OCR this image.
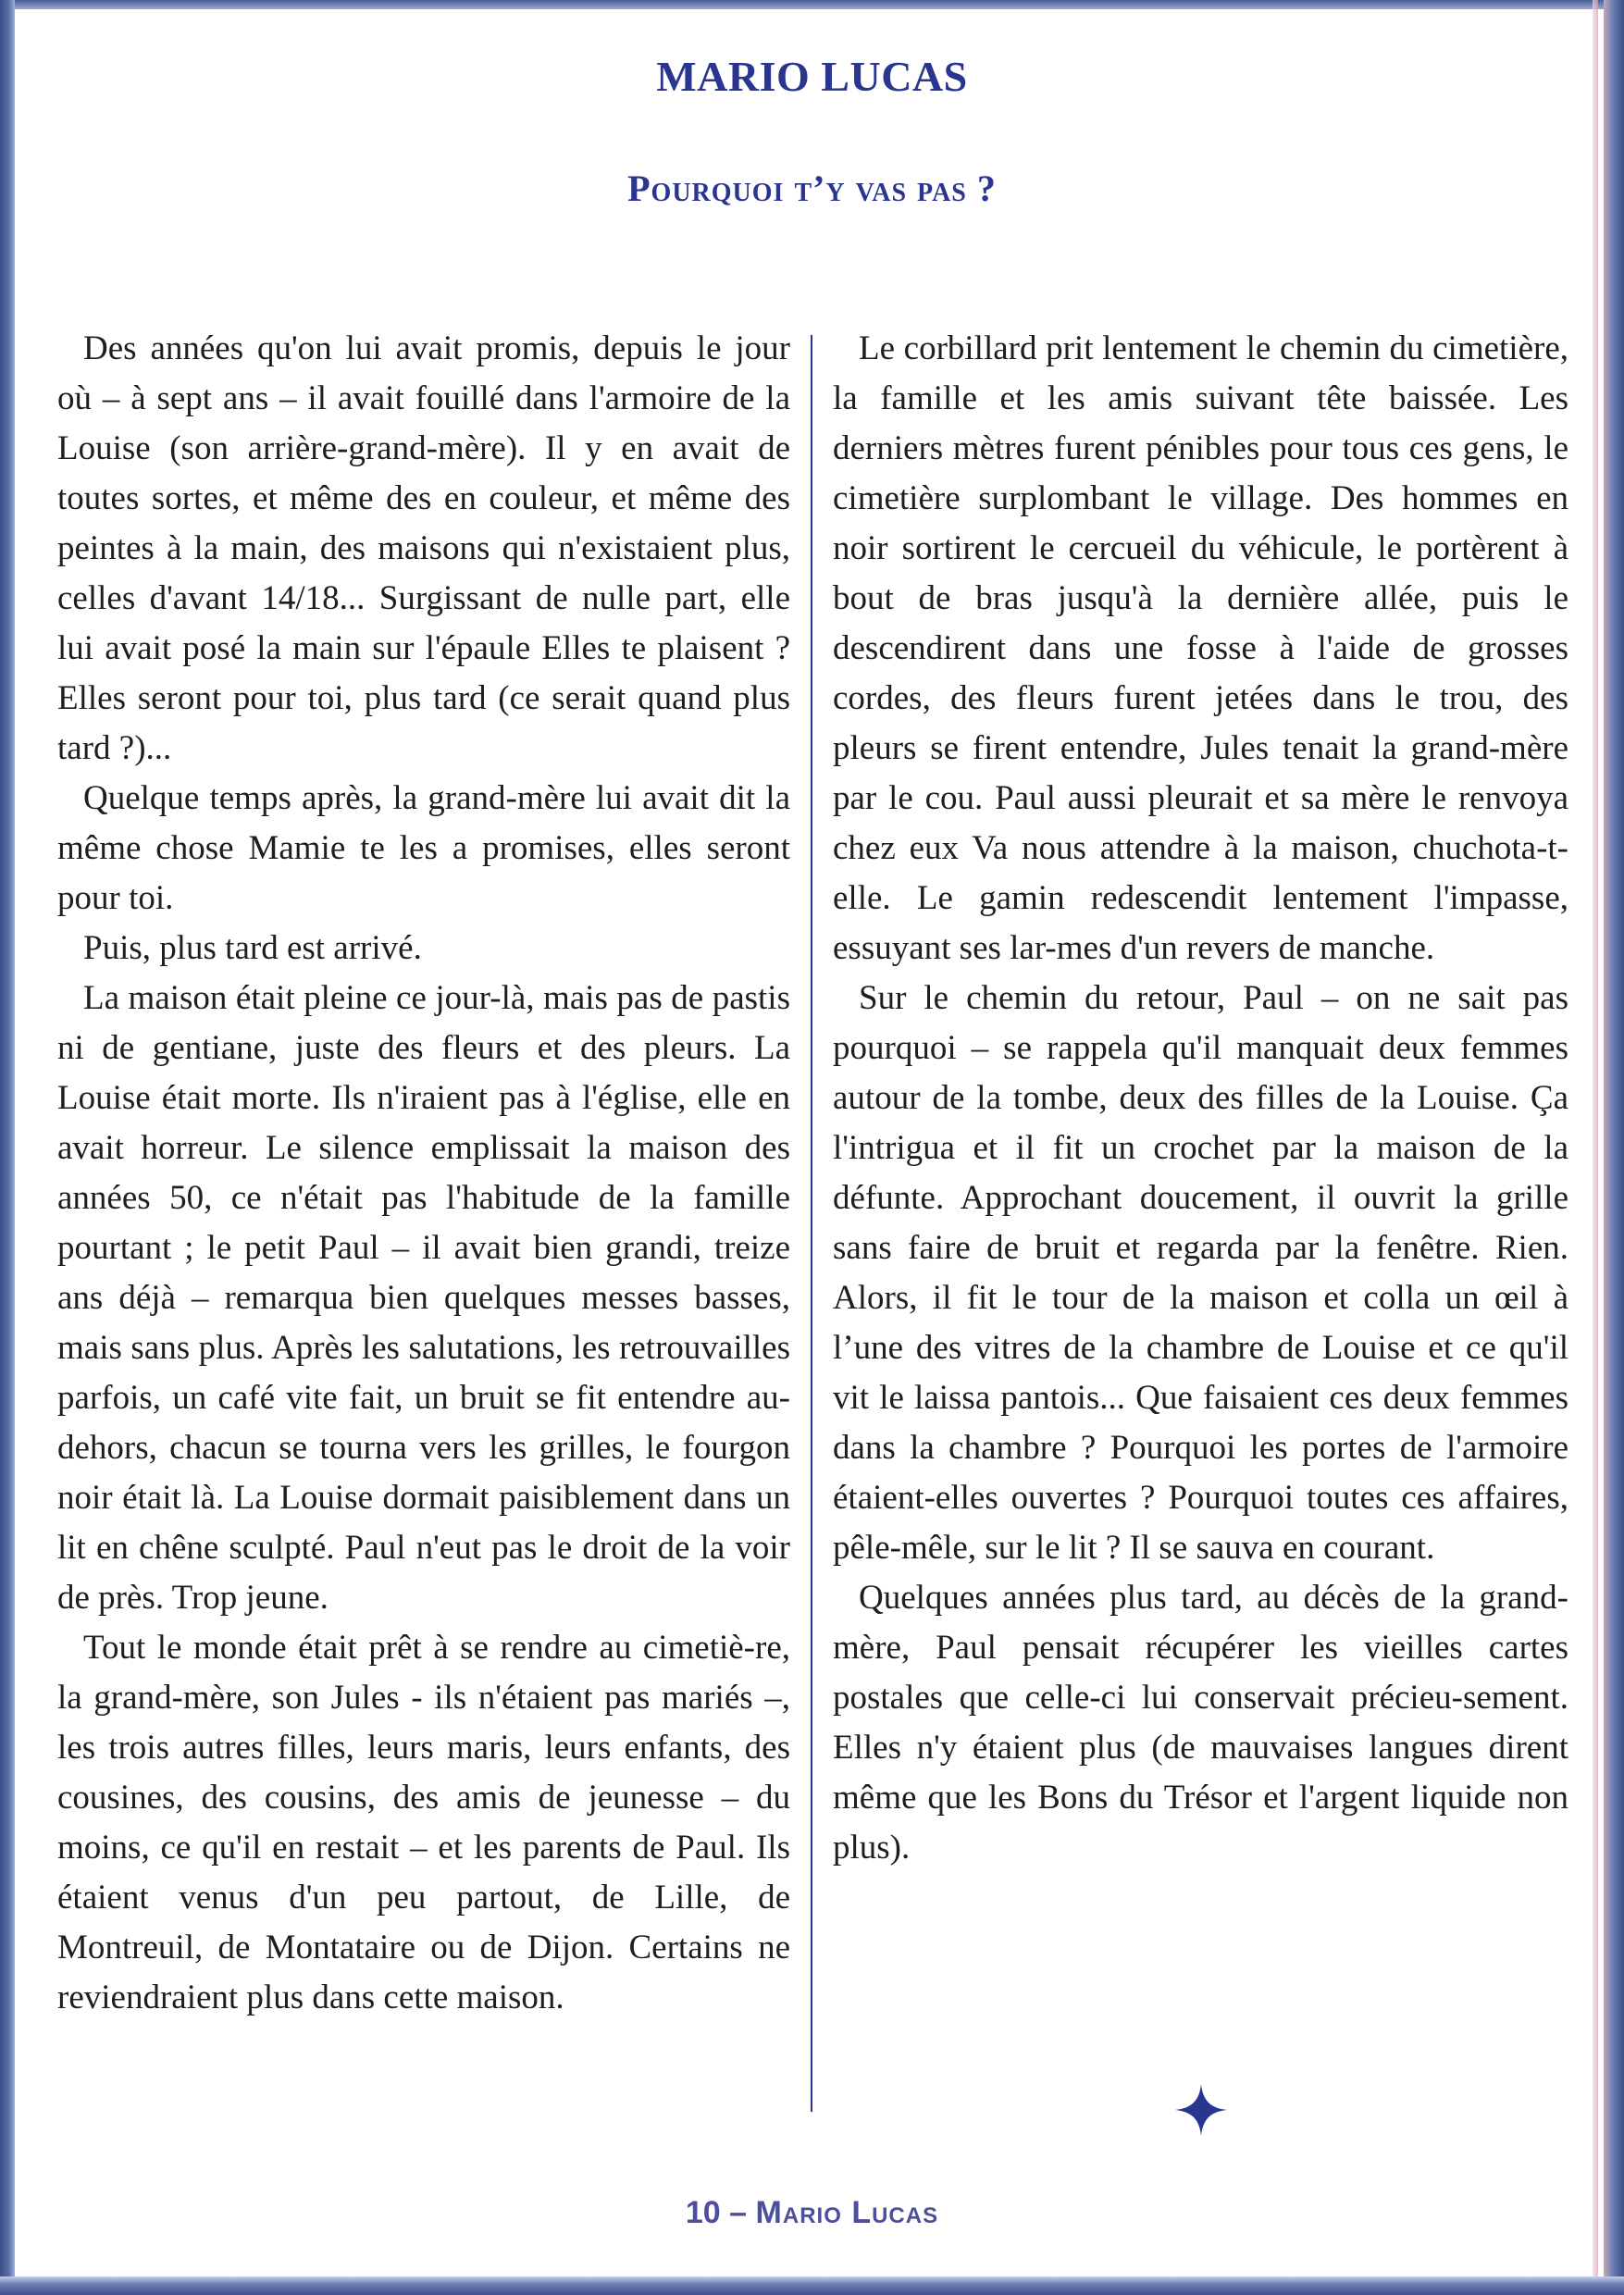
MARIO LUCAS
Pourquoi t’y vas pas ?

Des années qu'on lui avait promis, depuis le jour où – à sept ans – il avait fouillé dans l'armoire de la Louise (son arrière-grand-mère). Il y en avait de toutes sortes, et même des en couleur, et même des peintes à la main, des maisons qui n'existaient plus, celles d'avant 14/18... Surgissant de nulle part, elle lui avait posé la main sur l'épaule Elles te plaisent ? Elles seront pour toi, plus tard (ce serait quand plus tard ?)...

Quelque temps après, la grand-mère lui avait dit la même chose Mamie te les a promises, elles seront pour toi.

Puis, plus tard est arrivé.

La maison était pleine ce jour-là, mais pas de pastis ni de gentiane, juste des fleurs et des pleurs. La Louise était morte. Ils n'iraient pas à l'église, elle en avait horreur. Le silence emplissait la maison des années 50, ce n'était pas l'habitude de la famille pourtant ; le petit Paul – il avait bien grandi, treize ans déjà – remarqua bien quelques messes basses, mais sans plus. Après les salutations, les retrouvailles parfois, un café vite fait, un bruit se fit entendre au-dehors, chacun se tourna vers les grilles, le fourgon noir était là. La Louise dormait paisiblement dans un lit en chêne sculpté. Paul n'eut pas le droit de la voir de près. Trop jeune.

Tout le monde était prêt à se rendre au cimetiè-re, la grand-mère, son Jules - ils n'étaient pas mariés –, les trois autres filles, leurs maris, leurs enfants, des cousines, des cousins, des amis de jeunesse – du moins, ce qu'il en restait – et les parents de Paul. Ils étaient venus d'un peu partout, de Lille, de Montreuil, de Montataire ou de Dijon. Certains ne reviendraient plus dans cette maison.

Le corbillard prit lentement le chemin du cimetière, la famille et les amis suivant tête baissée. Les derniers mètres furent pénibles pour tous ces gens, le cimetière surplombant le village. Des hommes en noir sortirent le cercueil du véhicule, le portèrent à bout de bras jusqu'à la dernière allée, puis le descendirent dans une fosse à l'aide de grosses cordes, des fleurs furent jetées dans le trou, des pleurs se firent entendre, Jules tenait la grand-mère par le cou. Paul aussi pleurait et sa mère le renvoya chez eux Va nous attendre à la maison, chuchota-t-elle. Le gamin redescendit lentement l'impasse, essuyant ses lar-mes d'un revers de manche.

Sur le chemin du retour, Paul – on ne sait pas pourquoi – se rappela qu'il manquait deux femmes autour de la tombe, deux des filles de la Louise. Ça l'intrigua et il fit un crochet par la maison de la défunte. Approchant doucement, il ouvrit la grille sans faire de bruit et regarda par la fenêtre. Rien. Alors, il fit le tour de la maison et colla un œil à l’une des vitres de la chambre de Louise et ce qu'il vit le laissa pantois... Que faisaient ces deux femmes dans la chambre ? Pourquoi les portes de l'armoire étaient-elles ouvertes ? Pourquoi toutes ces affaires, pêle-mêle, sur le lit ? Il se sauva en courant.

Quelques années plus tard, au décès de la grand-mère, Paul pensait récupérer les vieilles cartes postales que celle-ci lui conservait précieu-sement. Elles n'y étaient plus (de mauvaises langues dirent même que les Bons du Trésor et l'argent liquide non plus).

10 – Mario Lucas
